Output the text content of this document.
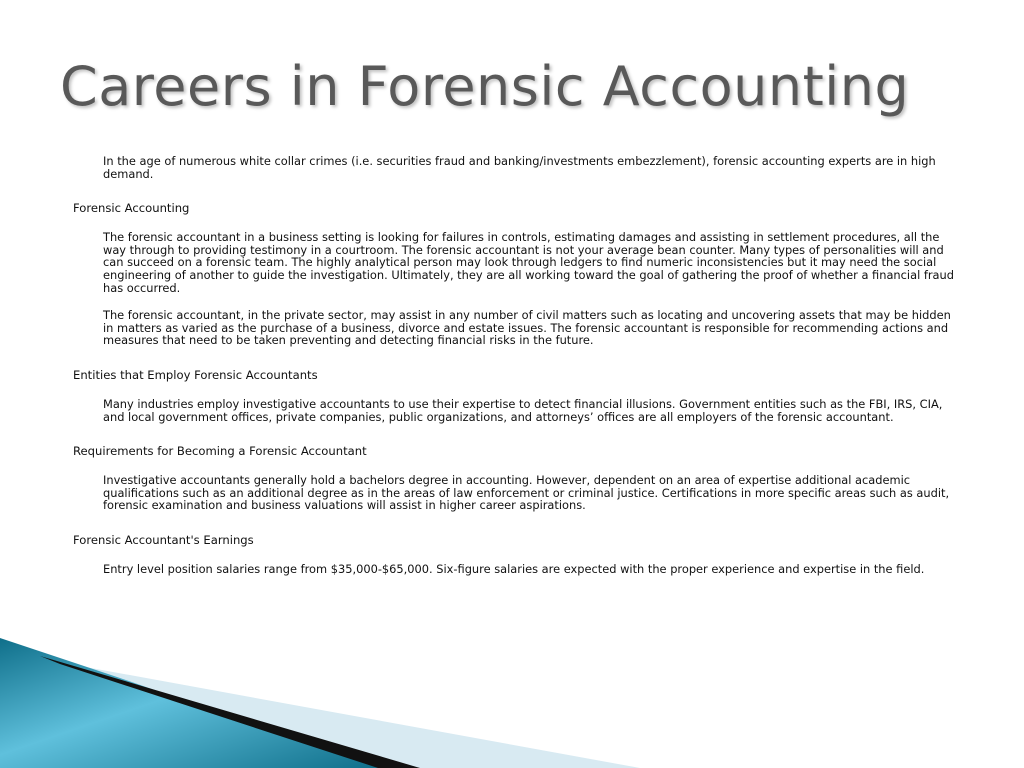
Careers in Forensic Accounting

In the age of numerous white collar crimes (i.e. securities fraud and banking/investments embezzlement), forensic accounting experts are in high demand.

Forensic Accounting

The forensic accountant in a business setting is looking for failures in controls, estimating damages and assisting in settlement procedures, all the way through to providing testimony in a courtroom. The forensic accountant is not your average bean counter. Many types of personalities will and can succeed on a forensic team. The highly analytical person may look through ledgers to find numeric inconsistencies but it may need the social engineering of another to guide the investigation. Ultimately, they are all working toward the goal of gathering the proof of whether a financial fraud has occurred.

The forensic accountant, in the private sector, may assist in any number of civil matters such as locating and uncovering assets that may be hidden in matters as varied as the purchase of a business, divorce and estate issues. The forensic accountant is responsible for recommending actions and measures that need to be taken preventing and detecting financial risks in the future.

Entities that Employ Forensic Accountants

Many industries employ investigative accountants to use their expertise to detect financial illusions. Government entities such as the FBI, IRS, CIA, and local government offices, private companies, public organizations, and attorneys’ offices are all employers of the forensic accountant.

Requirements for Becoming a Forensic Accountant

Investigative accountants generally hold a bachelors degree in accounting. However, dependent on an area of expertise additional academic qualifications such as an additional degree as in the areas of law enforcement or criminal justice. Certifications in more specific areas such as audit, forensic examination and business valuations will assist in higher career aspirations.

Forensic Accountant's Earnings

Entry level position salaries range from $35,000-$65,000. Six-figure salaries are expected with the proper experience and expertise in the field.
